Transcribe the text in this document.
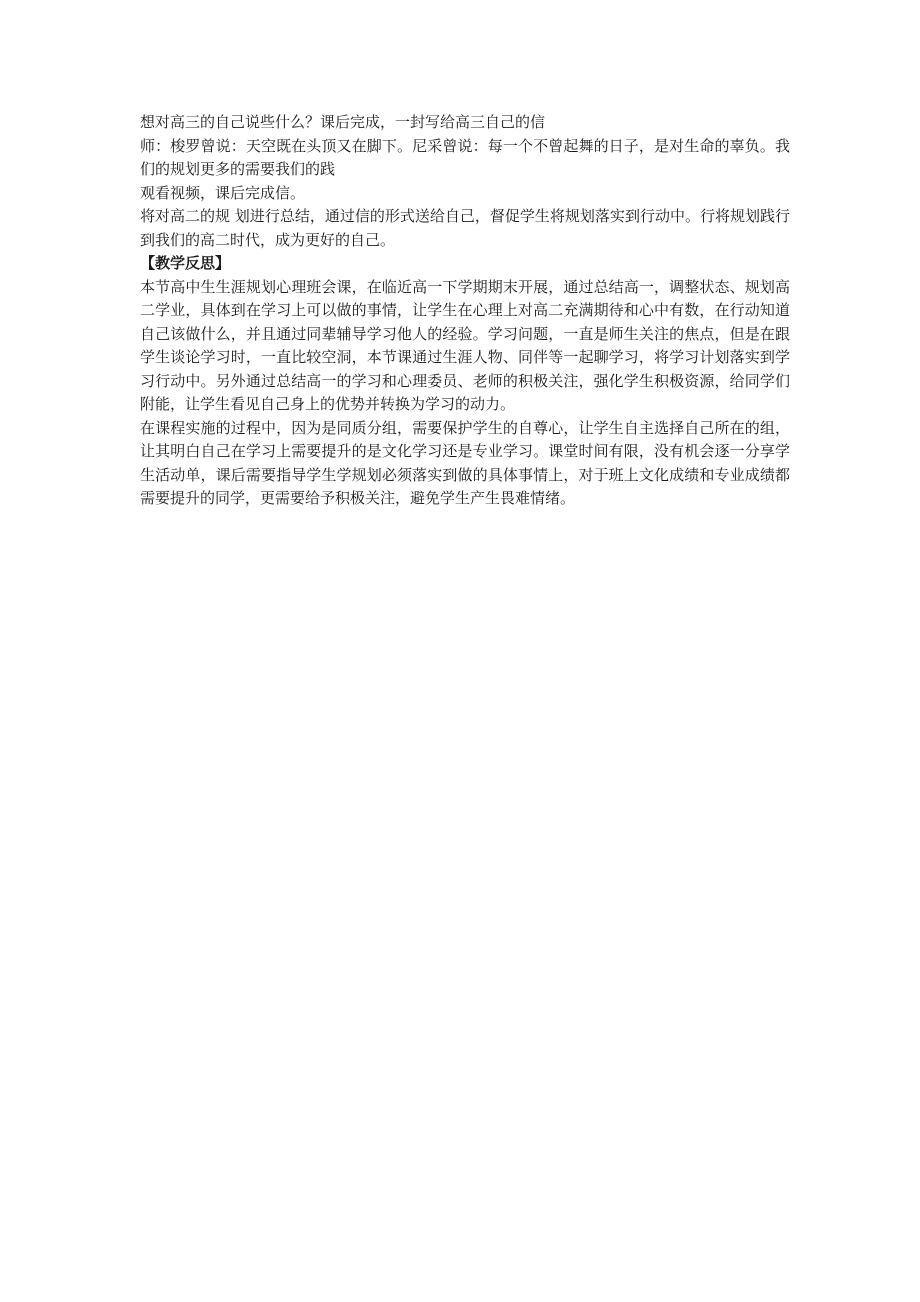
想对高三的自己说些什么？课后完成，一封写给高三自己的信

师：梭罗曾说：天空既在头顶又在脚下。尼采曾说：每一个不曾起舞的日子，是对生命的辜负。我们的规划更多的需要我们的践

观看视频，课后完成信。

将对高二的规 划进行总结，通过信的形式送给自己，督促学生将规划落实到行动中。行将规划践行到我们的高二时代，成为更好的自己。

【教学反思】

本节高中生生涯规划心理班会课，在临近高一下学期期末开展，通过总结高一，调整状态、规划高二学业，具体到在学习上可以做的事情，让学生在心理上对高二充满期待和心中有数，在行动知道自己该做什么，并且通过同辈辅导学习他人的经验。学习问题，一直是师生关注的焦点，但是在跟学生谈论学习时，一直比较空洞，本节课通过生涯人物、同伴等一起聊学习，将学习计划落实到学习行动中。另外通过总结高一的学习和心理委员、老师的积极关注，强化学生积极资源，给同学们附能，让学生看见自己身上的优势并转换为学习的动力。

在课程实施的过程中，因为是同质分组，需要保护学生的自尊心，让学生自主选择自己所在的组，让其明白自己在学习上需要提升的是文化学习还是专业学习。课堂时间有限，没有机会逐一分享学生活动单，课后需要指导学生学规划必须落实到做的具体事情上，对于班上文化成绩和专业成绩都需要提升的同学，更需要给予积极关注，避免学生产生畏难情绪。
